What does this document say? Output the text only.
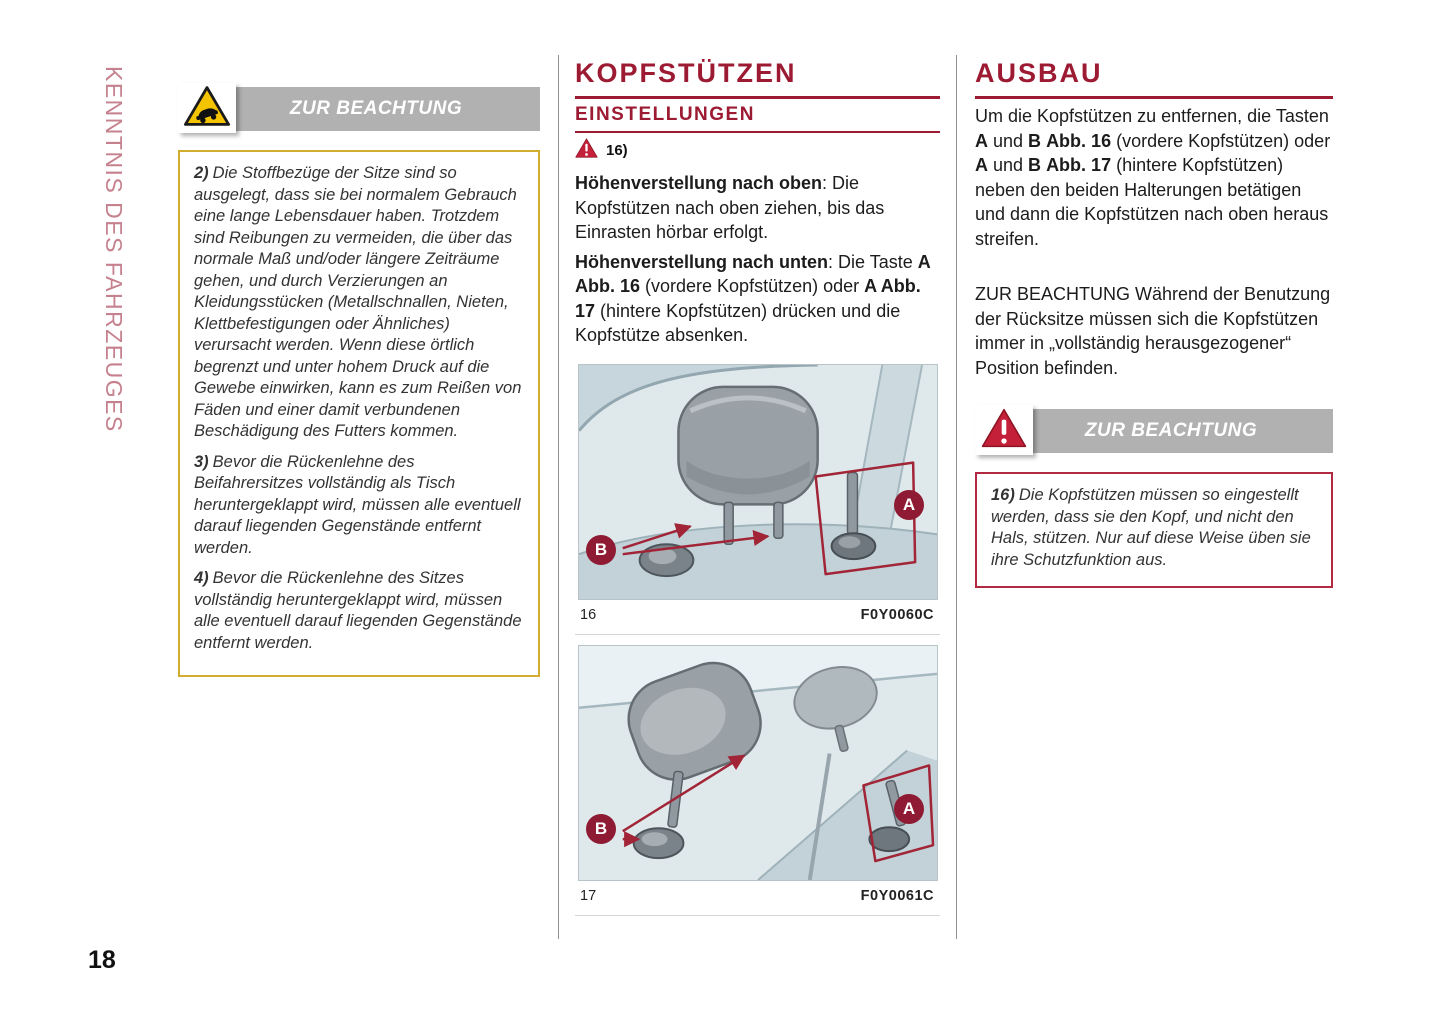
KENNTNIS DES FAHRZEUGES
18
ZUR BEACHTUNG

2) Die Stoffbezüge der Sitze sind so ausgelegt, dass sie bei normalem Gebrauch eine lange Lebensdauer haben. Trotzdem sind Reibungen zu vermeiden, die über das normale Maß und/oder längere Zeiträume gehen, und durch Verzierungen an Kleidungsstücken (Metallschnallen, Nieten, Klettbefestigungen oder Ähnliches) verursacht werden. Wenn diese örtlich begrenzt und unter hohem Druck auf die Gewebe einwirken, kann es zum Reißen von Fäden und einer damit verbundenen Beschädigung des Futters kommen.

3) Bevor die Rückenlehne des Beifahrersitzes vollständig als Tisch heruntergeklappt wird, müssen alle eventuell darauf liegenden Gegenstände entfernt werden.

4) Bevor die Rückenlehne des Sitzes vollständig heruntergeklappt wird, müssen alle eventuell darauf liegenden Gegenstände entfernt werden.

KOPFSTÜTZEN
EINSTELLUNGEN
16)

Höhenverstellung nach oben: Die Kopfstützen nach oben ziehen, bis das Einrasten hörbar erfolgt.

Höhenverstellung nach unten: Die Taste A Abb. 16 (vordere Kopfstützen) oder A Abb. 17 (hintere Kopfstützen) drücken und die Kopfstütze absenken.

B
A
16	F0Y0060C
B
A
17	F0Y0061C
AUSBAU

Um die Kopfstützen zu entfernen, die Tasten A und B Abb. 16 (vordere Kopfstützen) oder A und B Abb. 17 (hintere Kopfstützen) neben den beiden Halterungen betätigen und dann die Kopfstützen nach oben heraus streifen.

ZUR BEACHTUNG Während der Benutzung der Rücksitze müssen sich die Kopfstützen immer in „vollständig herausgezogener“ Position befinden.

ZUR BEACHTUNG

16) Die Kopfstützen müssen so eingestellt werden, dass sie den Kopf, und nicht den Hals, stützen. Nur auf diese Weise üben sie ihre Schutzfunktion aus.
